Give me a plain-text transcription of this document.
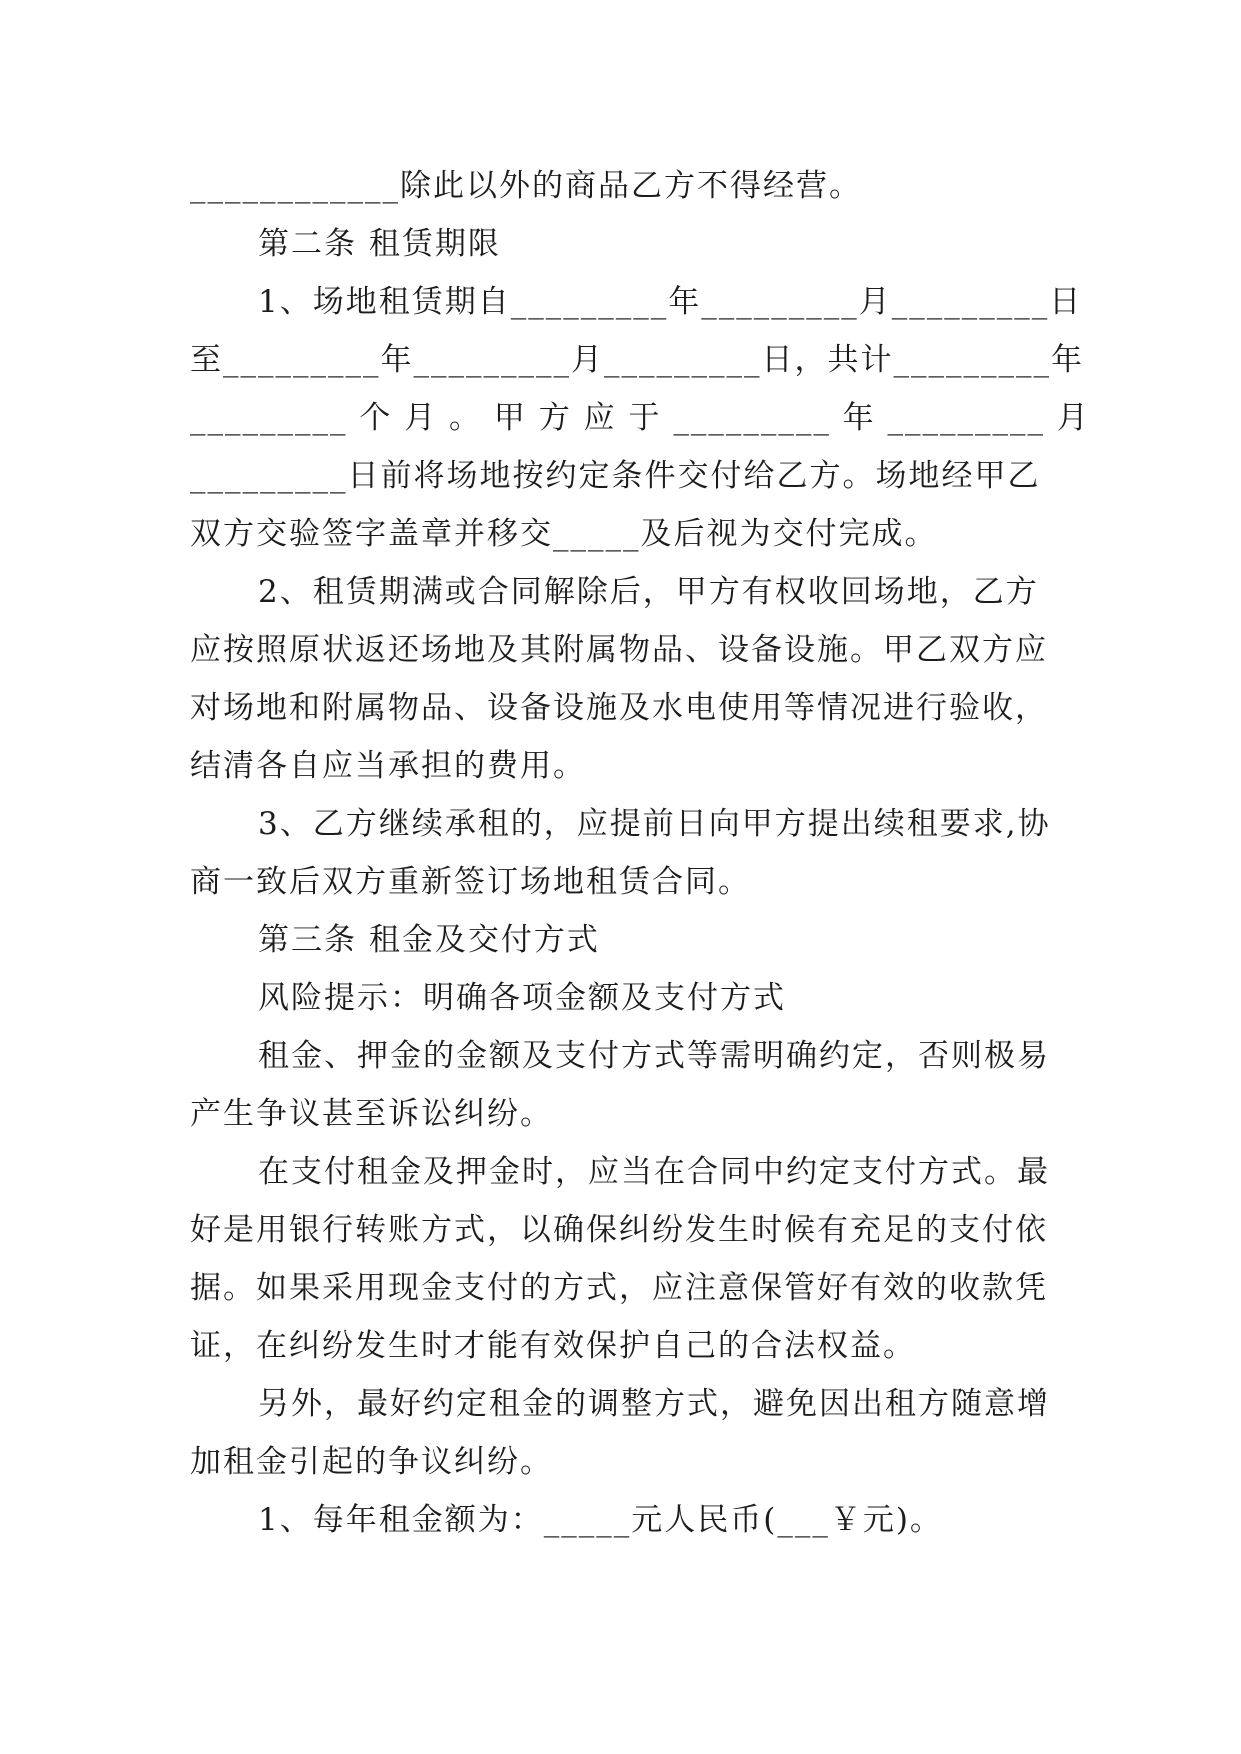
____________除此以外的商品乙方不得经营。
第二条 租赁期限
1、场地租赁期自_________年_________月_________日
至_________年_________月_________日，共计_________年
_________ 个 月 。 甲 方 应 于 _________ 年 _________ 月
_________日前将场地按约定条件交付给乙方。场地经甲乙
双方交验签字盖章并移交_____及后视为交付完成。
2、租赁期满或合同解除后，甲方有权收回场地，乙方
应按照原状返还场地及其附属物品、设备设施。甲乙双方应
对场地和附属物品、设备设施及水电使用等情况进行验收，
结清各自应当承担的费用。
3、乙方继续承租的，应提前日向甲方提出续租要求,协
商一致后双方重新签订场地租赁合同。
第三条 租金及交付方式
风险提示：明确各项金额及支付方式
租金、押金的金额及支付方式等需明确约定，否则极易
产生争议甚至诉讼纠纷。
在支付租金及押金时，应当在合同中约定支付方式。最
好是用银行转账方式，以确保纠纷发生时候有充足的支付依
据。如果采用现金支付的方式，应注意保管好有效的收款凭
证，在纠纷发生时才能有效保护自己的合法权益。
另外，最好约定租金的调整方式，避免因出租方随意增
加租金引起的争议纠纷。
1、每年租金额为：_____元人民币(___￥元)。
